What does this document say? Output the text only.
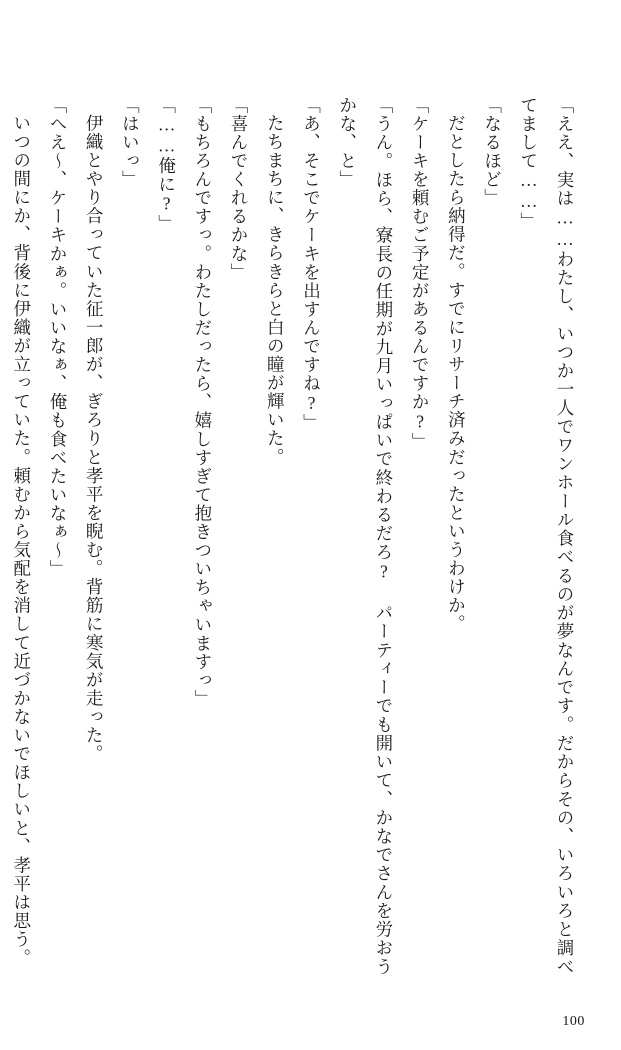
「ええ、実は……わたし、いつか一人でワンホール食べるのが夢なんです。だからその、いろいろと調べてまして……」

「なるほど」

だとしたら納得だ。すでにリサーチ済みだったというわけか。

「ケーキを頼むご予定があるんですか?」

「うん。ほら、寮長の任期が九月いっぱいで終わるだろ? パーティーでも開いて、かなでさんを労おうかな、と」

「あ、そこでケーキを出すんですね?」

たちまちに、きらきらと白の瞳が輝いた。

「喜んでくれるかな」

「もちろんですっ。わたしだったら、嬉しすぎて抱きついちゃいますっ」

「……俺に?」

「はいっ」

伊織とやり合っていた征一郎が、ぎろりと孝平を睨む。背筋に寒気が走った。

「へえ〜、ケーキかぁ。いいなぁ、俺も食べたいなぁ〜」

いつの間にか、背後に伊織が立っていた。頼むから気配を消して近づかないでほしいと、孝平は思う。

100
